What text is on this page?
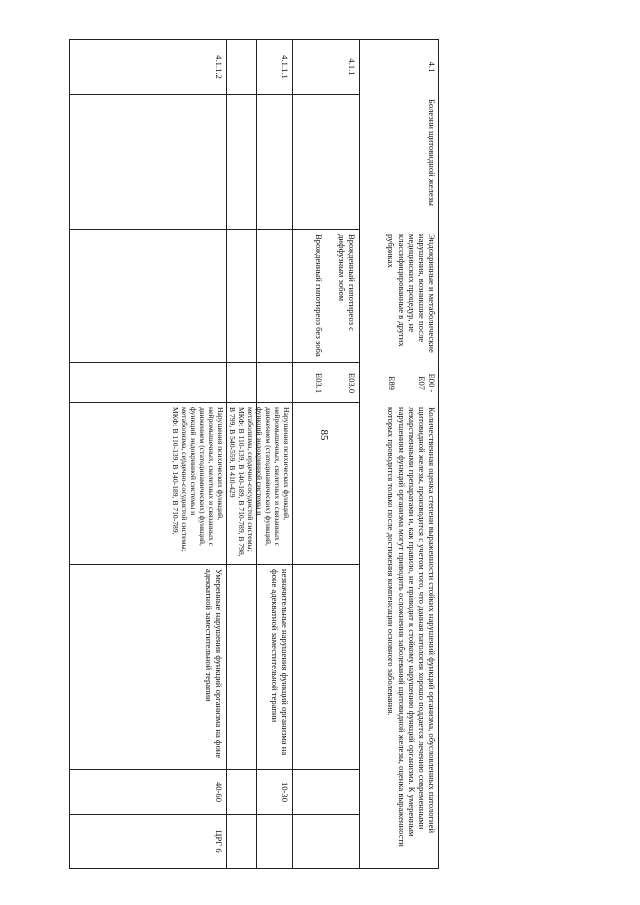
85
4.1
Болезни щитовидной железы
Эндокринные и метаболические нарушения, возникшие после медицинских процедур, не классифицированные в других рубриках
E00 - E07
E89
Количественная оценка степени выраженности стойких нарушений функций организма, обусловленных патологией щитовидной железы, производится с учетом того, что данная патология хорошо поддается лечению современными лекарственными препаратами и, как правило, не приводит к стойкому нарушению функций организма. К умеренным нарушениям функций организма могут приводить осложнения заболеваний щитовидной железы, оценка выраженности которых проводится только после достижения компенсации основного заболевания.
4.1.1
Врожденный гипотиреоз с диффузным зобом
E03.0
Врожденный гипотиреоз без зоба
E03.1
4.1.1.1
Нарушения психических функций, нейромышечных, скелетных и связанных с движением (статодинамических) функций, функций эндокринной системы и метаболизма, сердечно-сосудистой системы; МКФ: B 110-139, B 140-189, B 710-789, B 798, B 799, B 540-559, B 410-429
незначительные нарушения функций организма на фоне адекватной заместительной терапии
10-30
4.1.1.2
Нарушения психических функций, нейромышечных, скелетных и связанных с движением (статодинамических) функций, функций эндокринной системы и метаболизма, сердечно-сосудистой системы; МКФ: B 110-139, B 140-189, B 710-789,
Умеренные нарушения функций организма на фоне адекватной заместительной терапии
40-60
ЦРГ 6
